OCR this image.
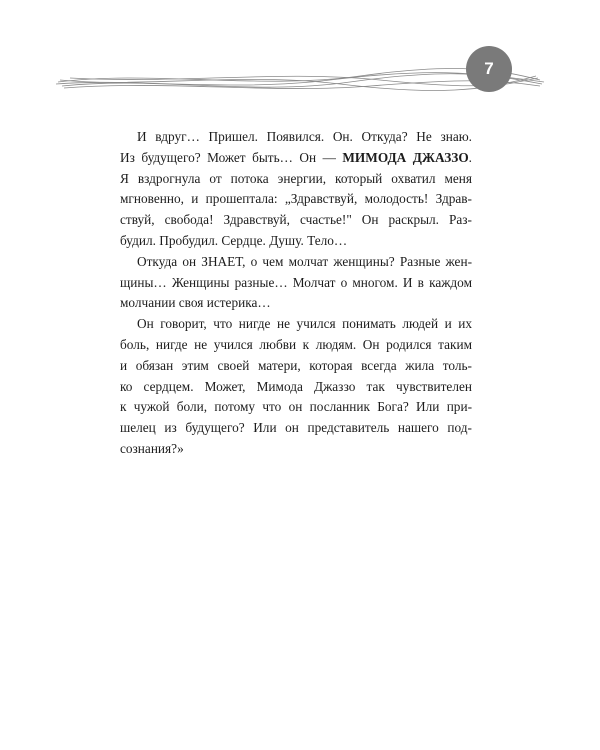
7
И вдруг… Пришел. Появился. Он. Откуда? Не знаю.
Из будущего? Может быть… Он — МИМОДА ДЖАЗЗО.
Я вздрогнула от потока энергии, который охватил меня
мгновенно, и прошептала: „Здравствуй, молодость! Здрав-
ствуй, свобода! Здравствуй, счастье!" Он раскрыл. Раз-
будил. Пробудил. Сердце. Душу. Тело…
Откуда он ЗНАЕТ, о чем молчат женщины? Разные жен-
щины… Женщины разные… Молчат о многом. И в каждом
молчании своя истерика…
Он говорит, что нигде не учился понимать людей и их
боль, нигде не учился любви к людям. Он родился таким
и обязан этим своей матери, которая всегда жила толь-
ко сердцем. Может, Мимода Джаззо так чувствителен
к чужой боли, потому что он посланник Бога? Или при-
шелец из будущего? Или он представитель нашего под-
сознания?»
